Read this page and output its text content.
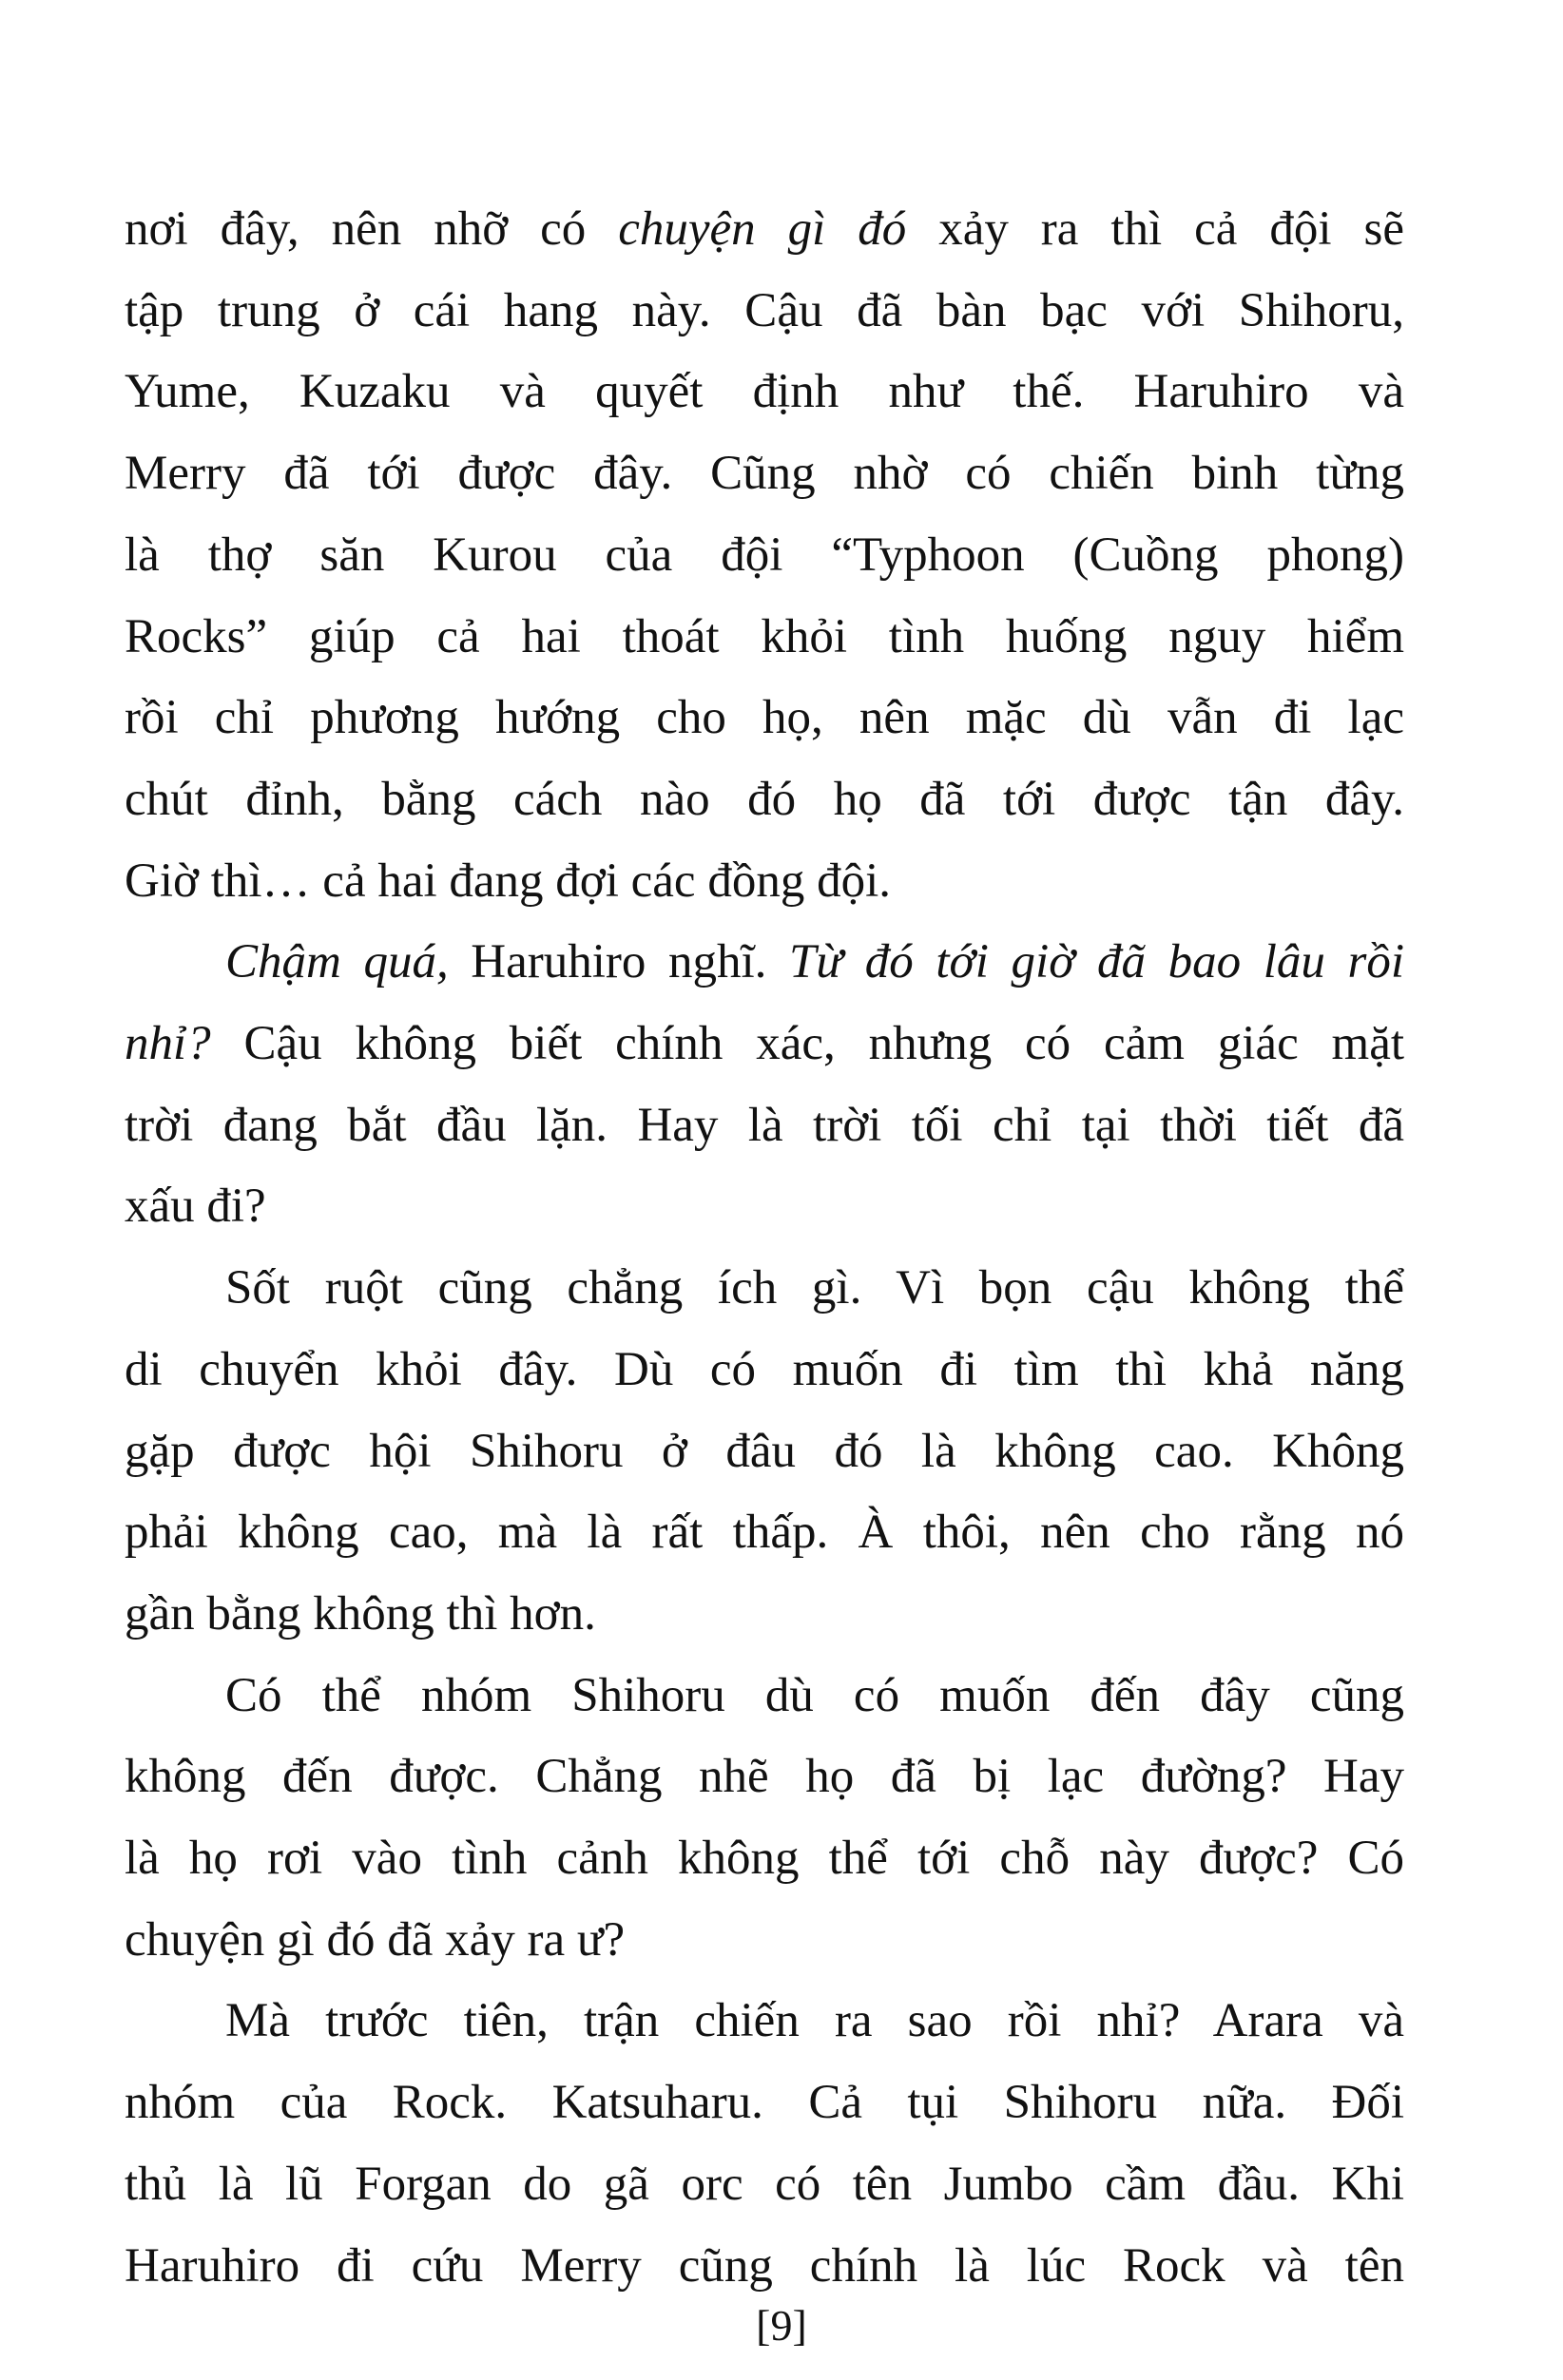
nơi đây, nên nhỡ có chuyện gì đó xảy ra thì cả đội sẽ
tập trung ở cái hang này. Cậu đã bàn bạc với Shihoru,
Yume, Kuzaku và quyết định như thế. Haruhiro và
Merry đã tới được đây. Cũng nhờ có chiến binh từng
là thợ săn Kurou của đội “Typhoon (Cuồng phong)
Rocks” giúp cả hai thoát khỏi tình huống nguy hiểm
rồi chỉ phương hướng cho họ, nên mặc dù vẫn đi lạc
chút đỉnh, bằng cách nào đó họ đã tới được tận đây.
Giờ thì… cả hai đang đợi các đồng đội.
Chậm quá, Haruhiro nghĩ. Từ đó tới giờ đã bao lâu rồi
nhỉ? Cậu không biết chính xác, nhưng có cảm giác mặt
trời đang bắt đầu lặn. Hay là trời tối chỉ tại thời tiết đã
xấu đi?
Sốt ruột cũng chẳng ích gì. Vì bọn cậu không thể
di chuyển khỏi đây. Dù có muốn đi tìm thì khả năng
gặp được hội Shihoru ở đâu đó là không cao. Không
phải không cao, mà là rất thấp. À thôi, nên cho rằng nó
gần bằng không thì hơn.
Có thể nhóm Shihoru dù có muốn đến đây cũng
không đến được. Chẳng nhẽ họ đã bị lạc đường? Hay
là họ rơi vào tình cảnh không thể tới chỗ này được? Có
chuyện gì đó đã xảy ra ư?
Mà trước tiên, trận chiến ra sao rồi nhỉ? Arara và
nhóm của Rock. Katsuharu. Cả tụi Shihoru nữa. Đối
thủ là lũ Forgan do gã orc có tên Jumbo cầm đầu. Khi
Haruhiro đi cứu Merry cũng chính là lúc Rock và tên
[9]
